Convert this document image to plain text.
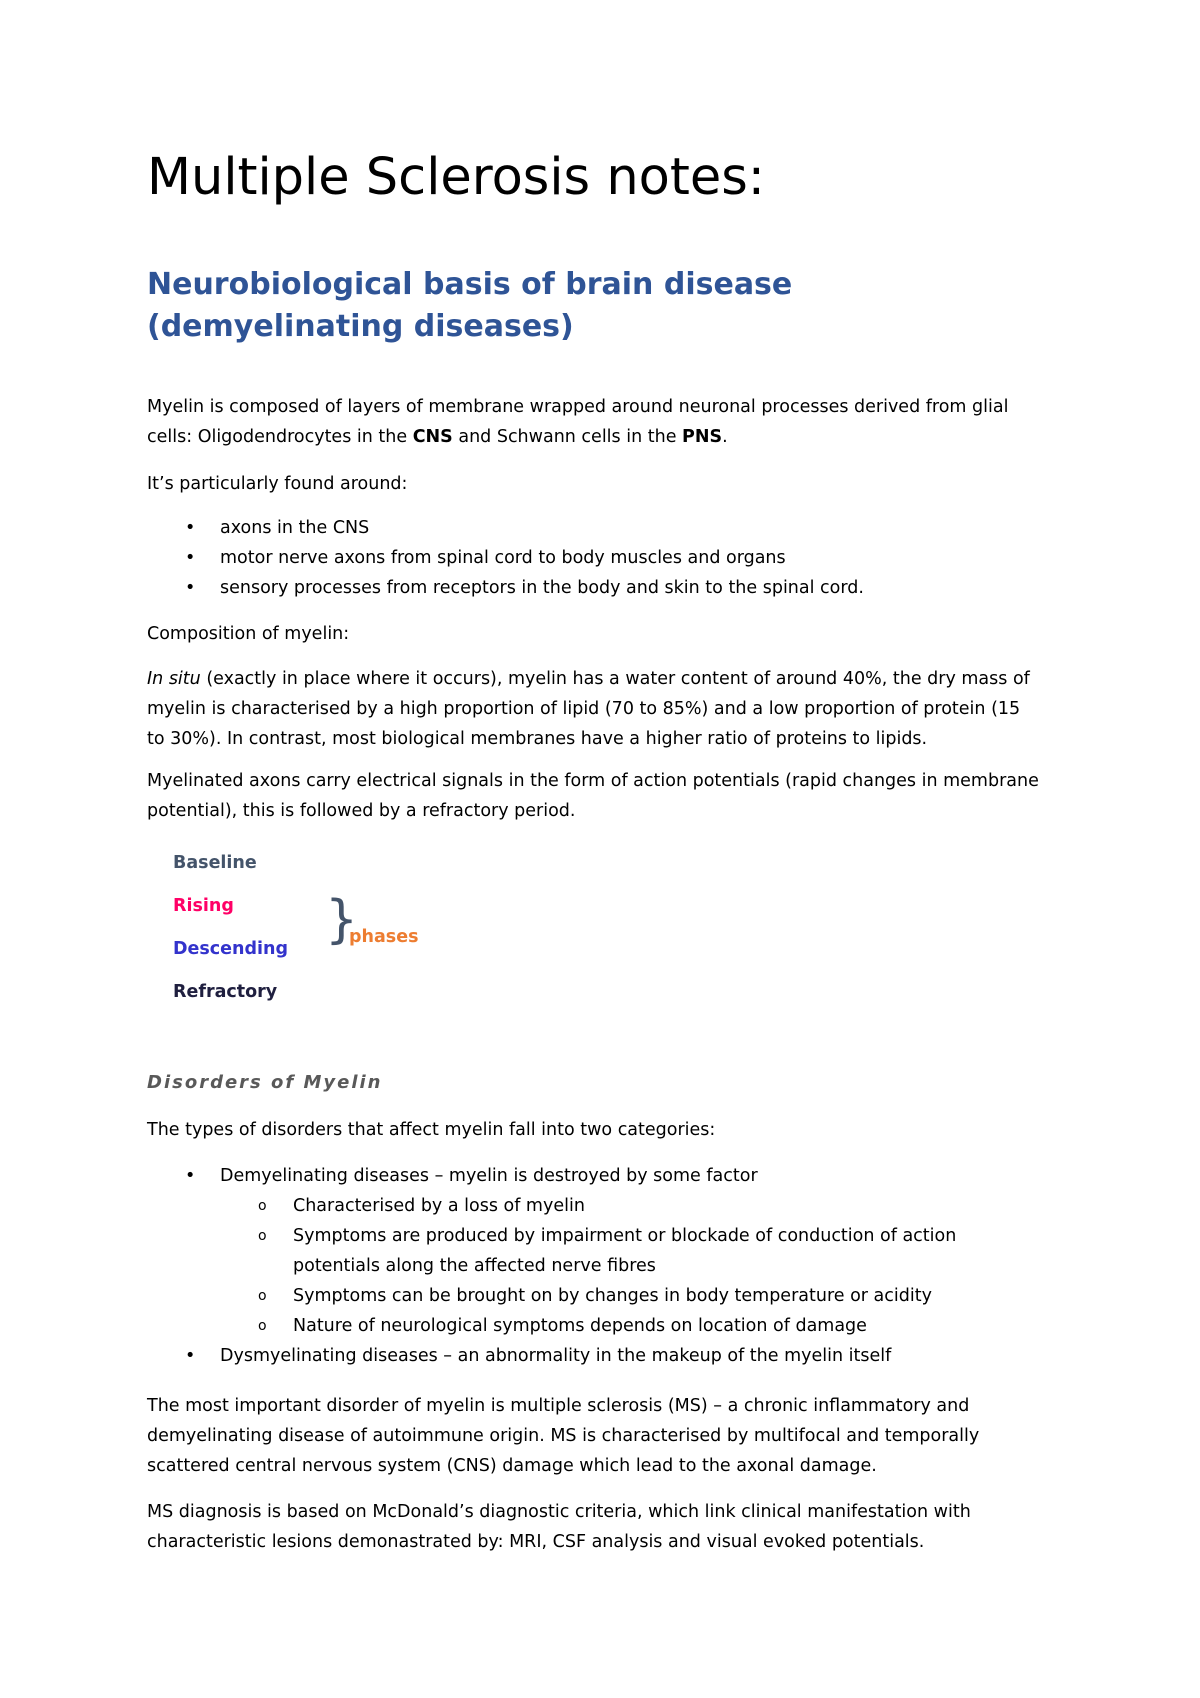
Multiple Sclerosis notes:
Neurobiological basis of brain disease (demyelinating diseases)
Myelin is composed of layers of membrane wrapped around neuronal processes derived from glial
cells: Oligodendrocytes in the CNS and Schwann cells in the PNS.
It’s particularly found around:
• axons in the CNS
• motor nerve axons from spinal cord to body muscles and organs
• sensory processes from receptors in the body and skin to the spinal cord.
Composition of myelin:
In situ (exactly in place where it occurs), myelin has a water content of around 40%, the dry mass of
myelin is characterised by a high proportion of lipid (70 to 85%) and a low proportion of protein (15
to 30%). In contrast, most biological membranes have a higher ratio of proteins to lipids.
Myelinated axons carry electrical signals in the form of action potentials (rapid changes in membrane
potential), this is followed by a refractory period.
Baseline
Rising
Descending
Refractory
}
phases
Disorders of Myelin
The types of disorders that affect myelin fall into two categories:
• Demyelinating diseases – myelin is destroyed by some factor
o Characterised by a loss of myelin
o Symptoms are produced by impairment or blockade of conduction of action
potentials along the affected nerve fibres
o Symptoms can be brought on by changes in body temperature or acidity
o Nature of neurological symptoms depends on location of damage
• Dysmyelinating diseases – an abnormality in the makeup of the myelin itself
The most important disorder of myelin is multiple sclerosis (MS) – a chronic inflammatory and
demyelinating disease of autoimmune origin. MS is characterised by multifocal and temporally
scattered central nervous system (CNS) damage which lead to the axonal damage.
MS diagnosis is based on McDonald’s diagnostic criteria, which link clinical manifestation with
characteristic lesions demonastrated by: MRI, CSF analysis and visual evoked potentials.
